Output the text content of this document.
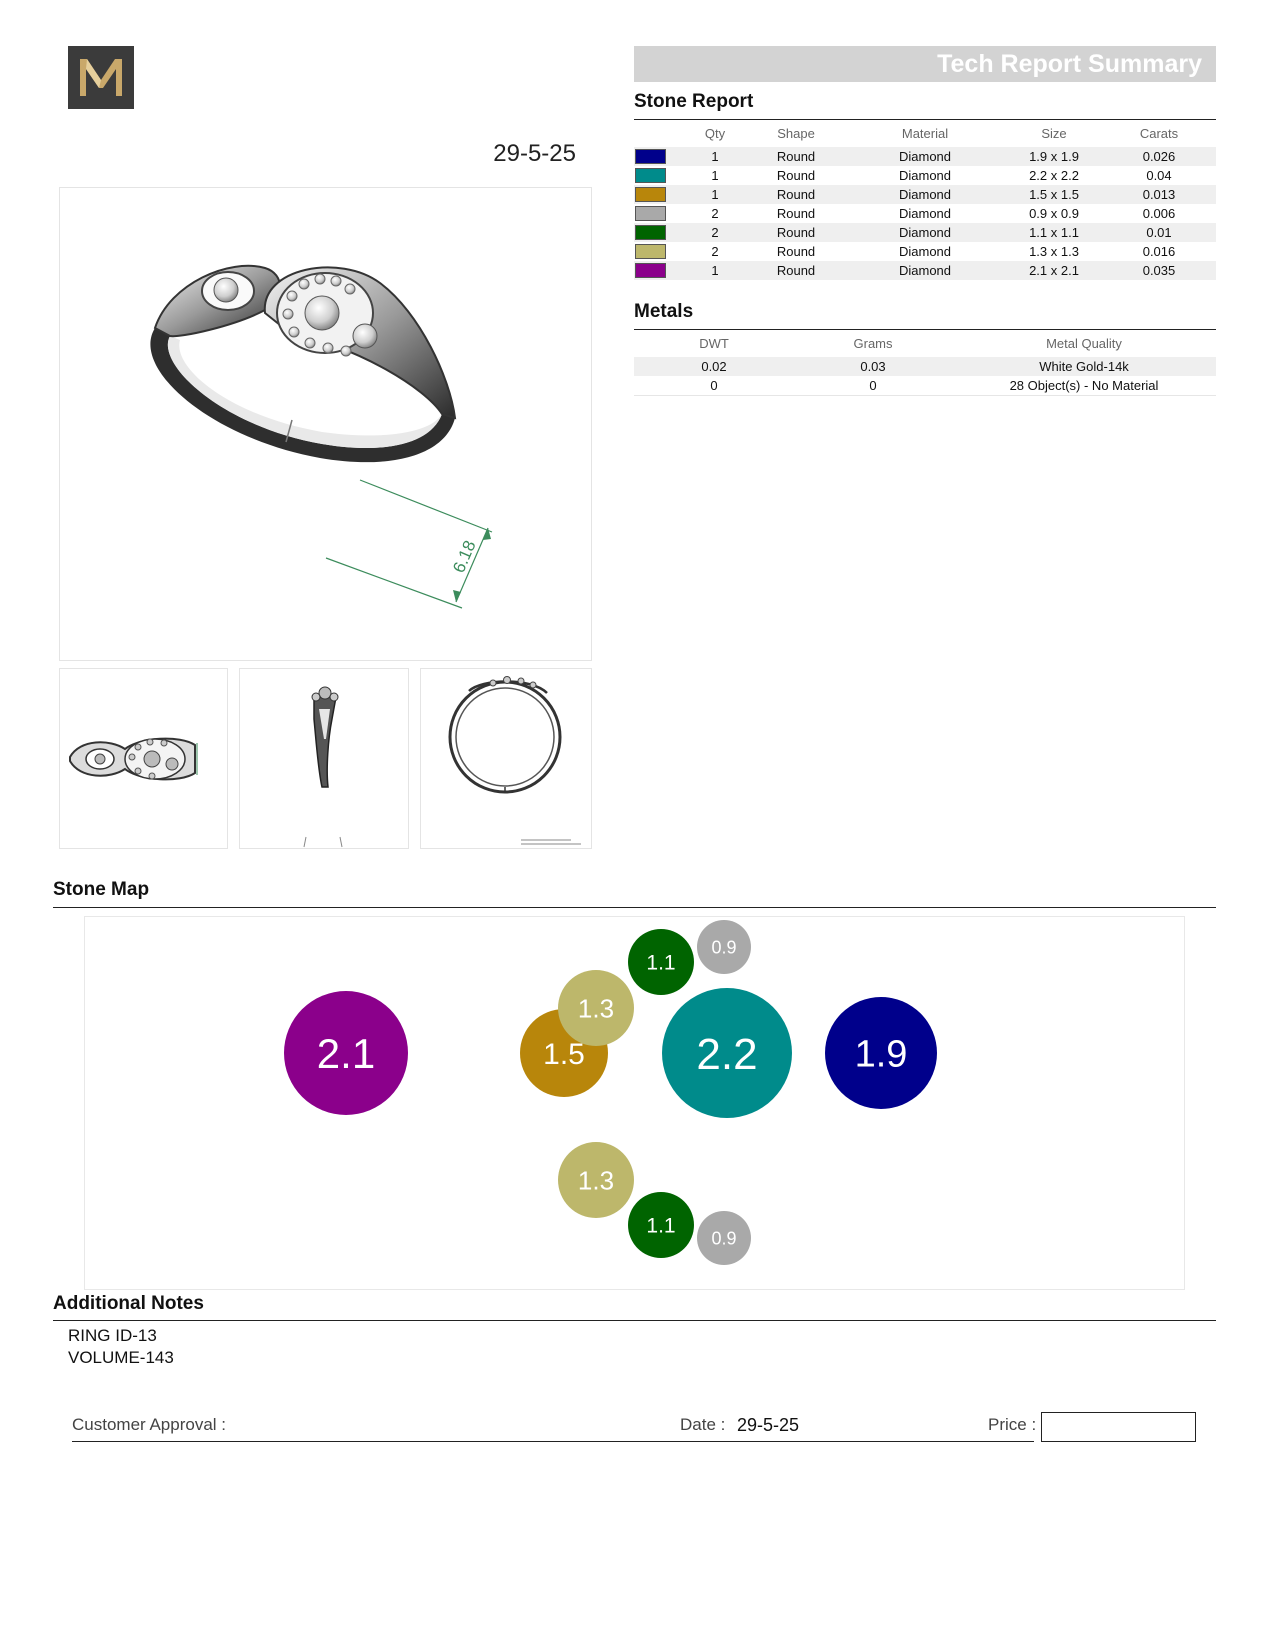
29-5-25
Tech Report Summary
Stone Report
	Qty	Shape	Material	Size	Carats

	1	Round	Diamond	1.9 x 1.9	0.026

	1	Round	Diamond	2.2 x 2.2	0.04

	1	Round	Diamond	1.5 x 1.5	0.013

	2	Round	Diamond	0.9 x 0.9	0.006

	2	Round	Diamond	1.1 x 1.1	0.01

	2	Round	Diamond	1.3 x 1.3	0.016

	1	Round	Diamond	2.1 x 2.1	0.035
Metals
DWT	Grams	Metal Quality
0.02	0.03	White Gold-14k
0	0	28 Object(s) - No Material
6.18
Stone Map
2.1	1.5	2.2	1.9
1.3
1.3
1.1
1.1
0.9
0.9
Additional Notes
RING ID-13
VOLUME-143
Customer Approval :	Date : 29-5-25	Price :
